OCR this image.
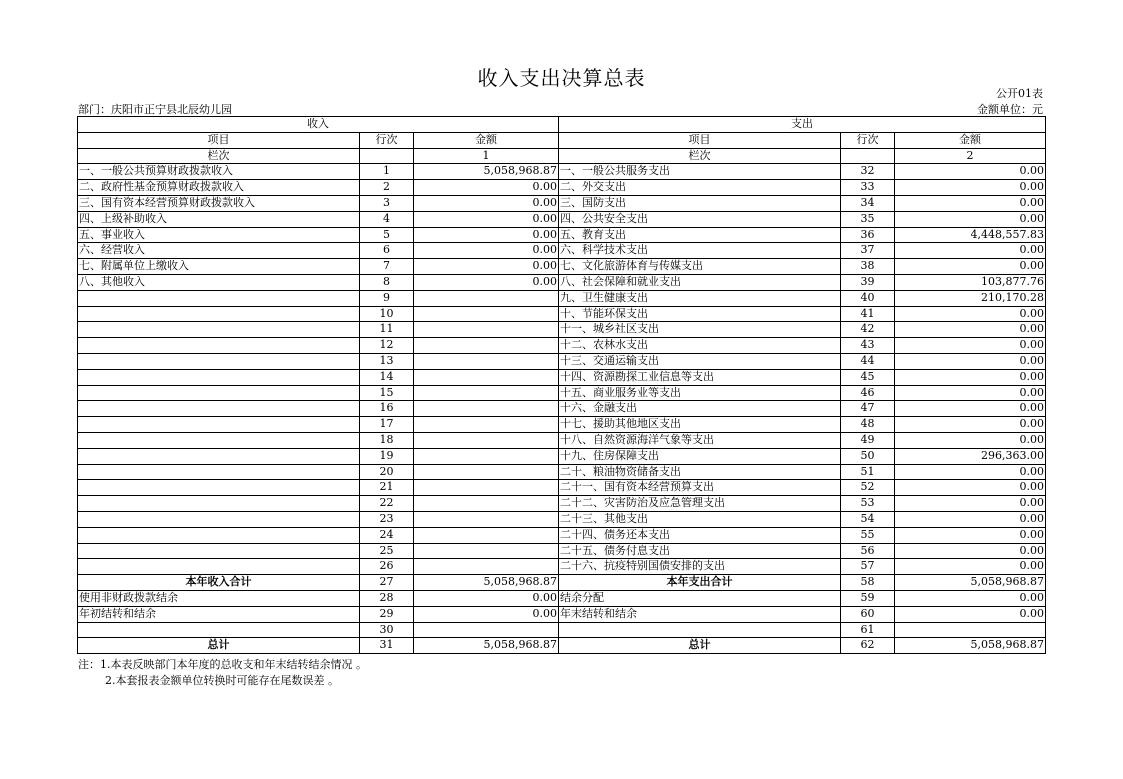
收入支出决算总表
公开01表
部门：庆阳市正宁县北辰幼儿园	金额单位：元
收入			支出		
项目	行次	金额	项目	行次	金额
栏次		1	栏次		2
一、一般公共预算财政拨款收入	1	5,058,968.87	一、一般公共服务支出	32	0.00
二、政府性基金预算财政拨款收入	2	0.00	二、外交支出	33	0.00
三、国有资本经营预算财政拨款收入	3	0.00	三、国防支出	34	0.00
四、上级补助收入	4	0.00	四、公共安全支出	35	0.00
五、事业收入	5	0.00	五、教育支出	36	4,448,557.83
六、经营收入	6	0.00	六、科学技术支出	37	0.00
七、附属单位上缴收入	7	0.00	七、文化旅游体育与传媒支出	38	0.00
八、其他收入	8	0.00	八、社会保障和就业支出	39	103,877.76
	9		九、卫生健康支出	40	210,170.28
	10		十、节能环保支出	41	0.00
	11		十一、城乡社区支出	42	0.00
	12		十二、农林水支出	43	0.00
	13		十三、交通运输支出	44	0.00
	14		十四、资源勘探工业信息等支出	45	0.00
	15		十五、商业服务业等支出	46	0.00
	16		十六、金融支出	47	0.00
	17		十七、援助其他地区支出	48	0.00
	18		十八、自然资源海洋气象等支出	49	0.00
	19		十九、住房保障支出	50	296,363.00
	20		二十、粮油物资储备支出	51	0.00
	21		二十一、国有资本经营预算支出	52	0.00
	22		二十二、灾害防治及应急管理支出	53	0.00
	23		二十三、其他支出	54	0.00
	24		二十四、债务还本支出	55	0.00
	25		二十五、债务付息支出	56	0.00
	26		二十六、抗疫特别国债安排的支出	57	0.00
本年收入合计	27	5,058,968.87	本年支出合计	58	5,058,968.87
使用非财政拨款结余	28	0.00	结余分配	59	0.00
年初结转和结余	29	0.00	年末结转和结余	60	0.00
	30			61	
总计	31	5,058,968.87	总计	62	5,058,968.87
注：1.本表反映部门本年度的总收支和年末结转结余情况 。
2.本套报表金额单位转换时可能存在尾数误差 。
